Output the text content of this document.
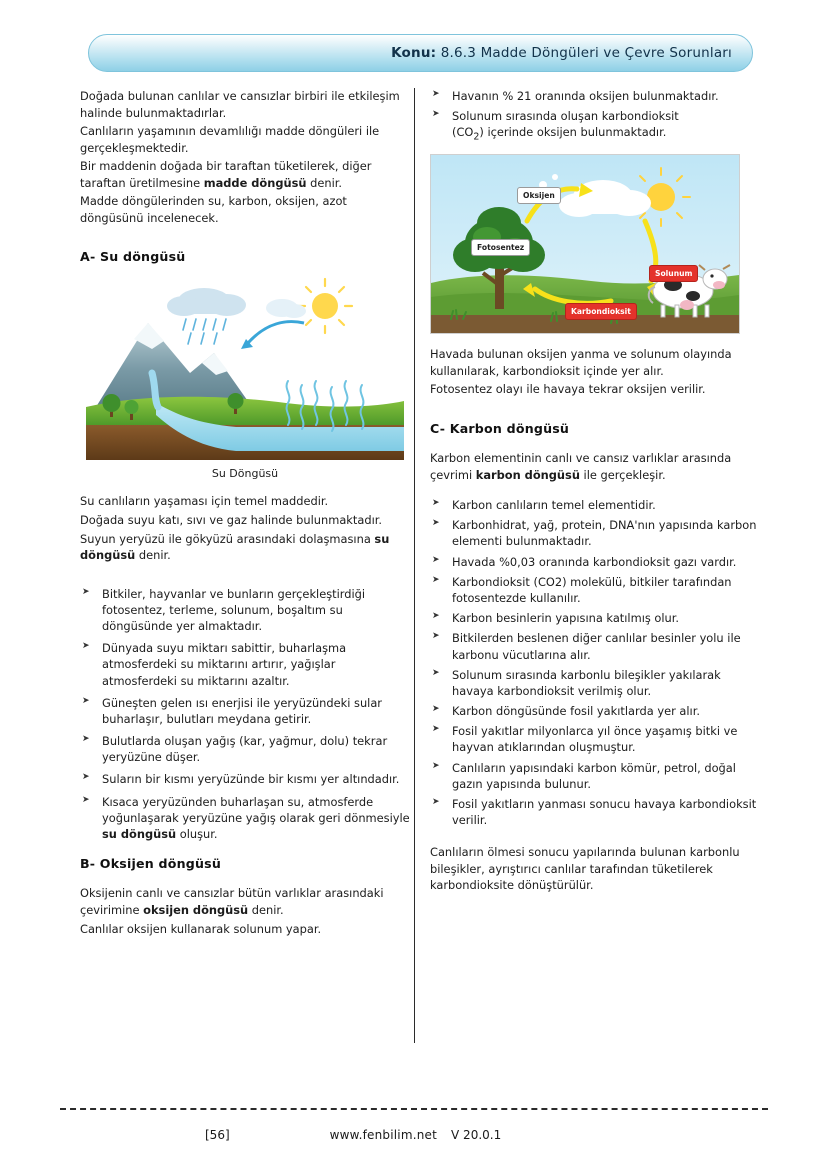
Konu: 8.6.3 Madde Döngüleri ve Çevre Sorunları

Doğada bulunan canlılar ve cansızlar birbiri ile etkileşim halinde bulunmaktadırlar.

Canlıların yaşamının devamlılığı madde döngüleri ile gerçekleşmektedir.

Bir maddenin doğada bir taraftan tüketilerek, diğer taraftan üretilmesine madde döngüsü denir.

Madde döngülerinden su, karbon, oksijen, azot döngüsünü incelenecek.

A- Su döngüsü
Su Döngüsü

Su canlıların yaşaması için temel maddedir.

Doğada suyu katı, sıvı ve gaz halinde bulunmaktadır.

Suyun yeryüzü ile gökyüzü arasındaki dolaşmasına su döngüsü denir.

➤ Bitkiler, hayvanlar ve bunların gerçekleştirdiği fotosentez, terleme, solunum, boşaltım su döngüsünde yer almaktadır.
➤ Dünyada suyu miktarı sabittir, buharlaşma atmosferdeki su miktarını artırır, yağışlar atmosferdeki su miktarını azaltır.
➤ Güneşten gelen ısı enerjisi ile yeryüzündeki sular buharlaşır, bulutları meydana getirir.
➤ Bulutlarda oluşan yağış (kar, yağmur, dolu) tekrar yeryüzüne düşer.
➤ Suların bir kısmı yeryüzünde bir kısmı yer altındadır.
➤ Kısaca yeryüzünden buharlaşan su, atmosferde yoğunlaşarak yeryüzüne yağış olarak geri dönmesiyle su döngüsü oluşur.
B- Oksijen döngüsü

Oksijenin canlı ve cansızlar bütün varlıklar arasındaki çevirimine oksijen döngüsü denir.

Canlılar oksijen kullanarak solunum yapar.

➤ Havanın % 21 oranında oksijen bulunmaktadır.
➤ Solunum sırasında oluşan karbondioksit
$(CO_2)$ içerinde oksijen bulunmaktadır.
Oksijen
Fotosentez
Solunum
Karbondioksit

Havada bulunan oksijen yanma ve solunum olayında kullanılarak, karbondioksit içinde yer alır.

Fotosentez olayı ile havaya tekrar oksijen verilir.

C- Karbon döngüsü

Karbon elementinin canlı ve cansız varlıklar arasında çevrimi karbon döngüsü ile gerçekleşir.

➤ Karbon canlıların temel elementidir.
➤ Karbonhidrat, yağ, protein, DNA'nın yapısında karbon elementi bulunmaktadır.
➤ Havada %0,03 oranında karbondioksit gazı vardır.
➤ Karbondioksit (CO2) molekülü, bitkiler tarafından fotosentezde kullanılır.
➤ Karbon besinlerin yapısına katılmış olur.
➤ Bitkilerden beslenen diğer canlılar besinler yolu ile karbonu vücutlarına alır.
➤ Solunum sırasında karbonlu bileşikler yakılarak havaya karbondioksit verilmiş olur.
➤ Karbon döngüsünde fosil yakıtlarda yer alır.
➤ Fosil yakıtlar milyonlarca yıl önce yaşamış bitki ve hayvan atıklarından oluşmuştur.
➤ Canlıların yapısındaki karbon kömür, petrol, doğal gazın yapısında bulunur.
➤ Fosil yakıtların yanması sonucu havaya karbondioksit verilir.

Canlıların ölmesi sonucu yapılarında bulunan karbonlu bileşikler, ayrıştırıcı canlılar tarafından tüketilerek karbondioksite dönüştürülür.

[56]	www.fenbilim.net V 20.0.1
